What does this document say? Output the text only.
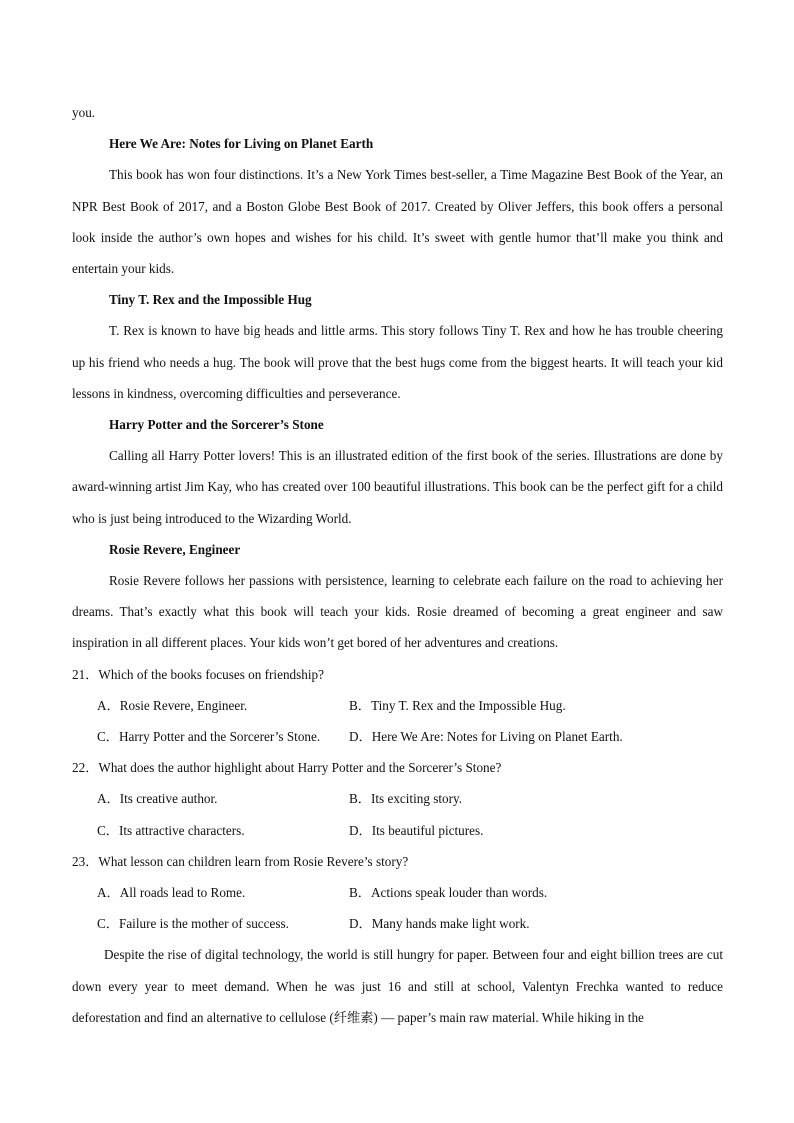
you.

Here We Are: Notes for Living on Planet Earth

This book has won four distinctions. It’s a New York Times best-seller, a Time Magazine Best Book of the Year, an NPR Best Book of 2017, and a Boston Globe Best Book of 2017. Created by Oliver Jeffers, this book offers a personal look inside the author’s own hopes and wishes for his child. It’s sweet with gentle humor that’ll make you think and entertain your kids.

Tiny T. Rex and the Impossible Hug

T. Rex is known to have big heads and little arms. This story follows Tiny T. Rex and how he has trouble cheering up his friend who needs a hug. The book will prove that the best hugs come from the biggest hearts. It will teach your kid lessons in kindness, overcoming difficulties and perseverance.

Harry Potter and the Sorcerer’s Stone

Calling all Harry Potter lovers! This is an illustrated edition of the first book of the series. Illustrations are done by award-winning artist Jim Kay, who has created over 100 beautiful illustrations. This book can be the perfect gift for a child who is just being introduced to the Wizarding World.

Rosie Revere, Engineer

Rosie Revere follows her passions with persistence, learning to celebrate each failure on the road to achieving her dreams. That’s exactly what this book will teach your kids. Rosie dreamed of becoming a great engineer and saw inspiration in all different places. Your kids won’t get bored of her adventures and creations.

21．Which of the books focuses on friendship?

A．Rosie Revere, Engineer.	B．Tiny T. Rex and the Impossible Hug.
C．Harry Potter and the Sorcerer’s Stone.	D．Here We Are: Notes for Living on Planet Earth.

22．What does the author highlight about Harry Potter and the Sorcerer’s Stone?

A．Its creative author.	B．Its exciting story.
C．Its attractive characters.	D．Its beautiful pictures.

23．What lesson can children learn from Rosie Revere’s story?

A．All roads lead to Rome.	B．Actions speak louder than words.
C．Failure is the mother of success.	D．Many hands make light work.

Despite the rise of digital technology, the world is still hungry for paper. Between four and eight billion trees are cut down every year to meet demand. When he was just 16 and still at school, Valentyn Frechka wanted to reduce deforestation and find an alternative to cellulose (纤维素) — paper’s main raw material. While hiking in the
